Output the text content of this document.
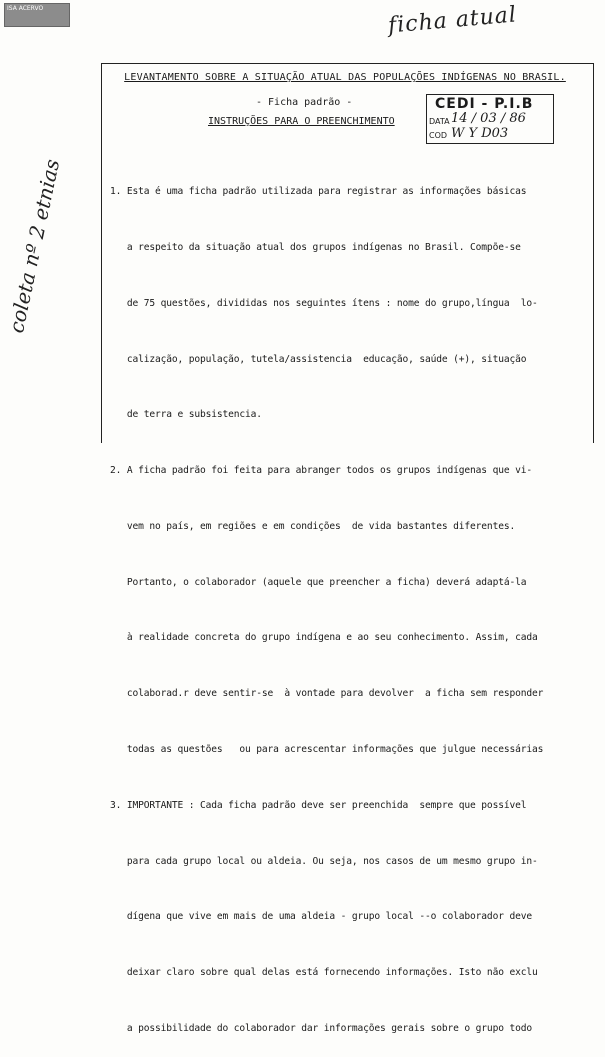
ISA ACERVO	ficha atual
coleta nº 2 etnias
LEVANTAMENTO SOBRE A SITUAÇÃO ATUAL DAS POPULAÇÕES INDÍGENAS NO BRASIL.
- Ficha padrão -
INSTRUÇÕES PARA O PREENCHIMENTO
CEDI - P.I.B
DATA 14 / 03 / 86
COD W Y D03

1. Esta é uma ficha padrão utilizada para registrar as informações básicas

a respeito da situação atual dos grupos indígenas no Brasil. Compõe-se

de 75 questões, divididas nos seguintes ítens : nome do grupo,língua  lo-

calização, população, tutela/assistencia  educação, saúde (+), situação

de terra e subsistencia.

2. A ficha padrão foi feita para abranger todos os grupos indígenas que vi-

vem no país, em regiões e em condições  de vida bastantes diferentes.

Portanto, o colaborador (aquele que preencher a ficha) deverá adaptá-la

à realidade concreta do grupo indígena e ao seu conhecimento. Assim, cada

colaborad.r deve sentir-se  à vontade para devolver  a ficha sem responder

todas as questões   ou para acrescentar informações que julgue necessárias

3. IMPORTANTE : Cada ficha padrão deve ser preenchida  sempre que possível

para cada grupo local ou aldeia. Ou seja, nos casos de um mesmo grupo in-

dígena que vive em mais de uma aldeia - grupo local --o colaborador deve

deixar claro sobre qual delas está fornecendo informações. Isto não exclu

a possibilidade do colaborador dar informações gerais sobre o grupo todo
